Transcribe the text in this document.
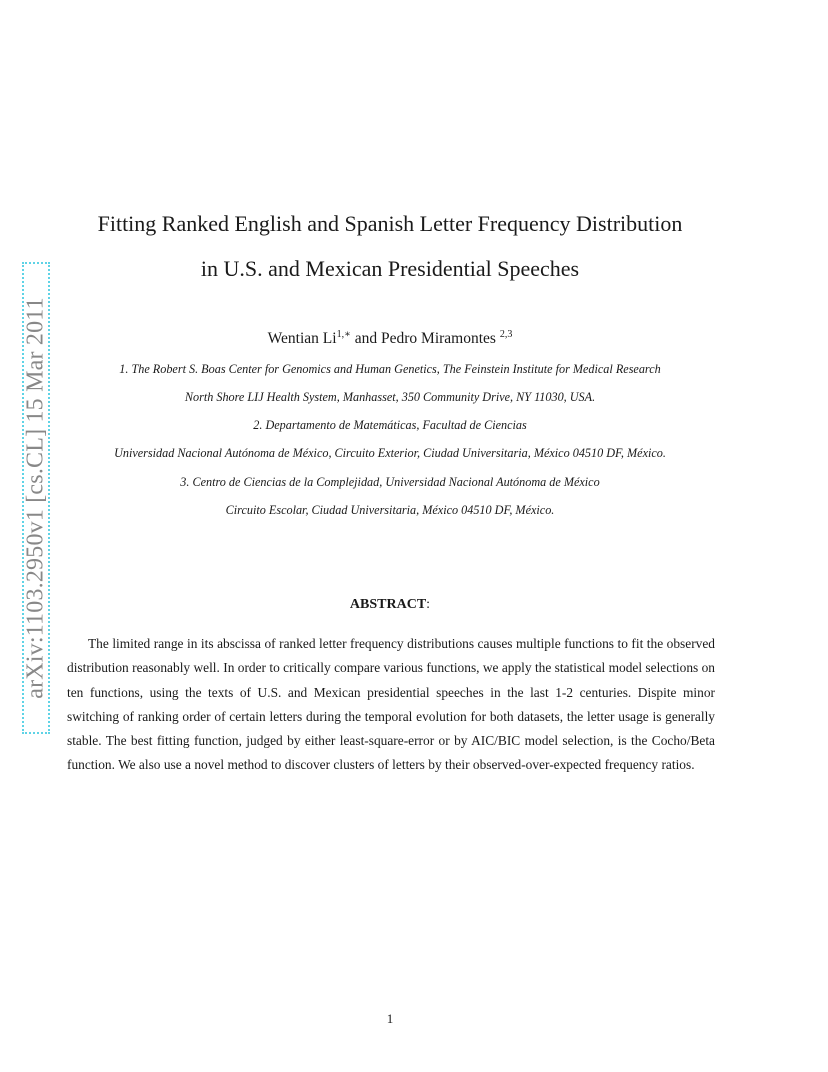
arXiv:1103.2950v1 [cs.CL] 15 Mar 2011
Fitting Ranked English and Spanish Letter Frequency Distribution
in U.S. and Mexican Presidential Speeches
Wentian $Li^{1,∗}$ and Pedro Miramontes $^{2,3}$
1. The Robert S. Boas Center for Genomics and Human Genetics, The Feinstein Institute for Medical Research
North Shore LIJ Health System, Manhasset, 350 Community Drive, NY 11030, USA.
2. Departamento de Matemáticas, Facultad de Ciencias
Universidad Nacional Autónoma de México, Circuito Exterior, Ciudad Universitaria, México 04510 DF, México.
3. Centro de Ciencias de la Complejidad, Universidad Nacional Autónoma de México
Circuito Escolar, Ciudad Universitaria, México 04510 DF, México.
ABSTRACT:
The limited range in its abscissa of ranked letter frequency distributions causes multiple functions to fit the observed distribution reasonably well. In order to critically compare various functions, we apply the statistical model selections on ten functions, using the texts of U.S. and Mexican presidential speeches in the last 1-2 centuries. Dispite minor switching of ranking order of certain letters during the temporal evolution for both datasets, the letter usage is generally stable. The best fitting function, judged by either least-square-error or by AIC/BIC model selection, is the Cocho/Beta function. We also use a novel method to discover clusters of letters by their observed-over-expected frequency ratios.
1
